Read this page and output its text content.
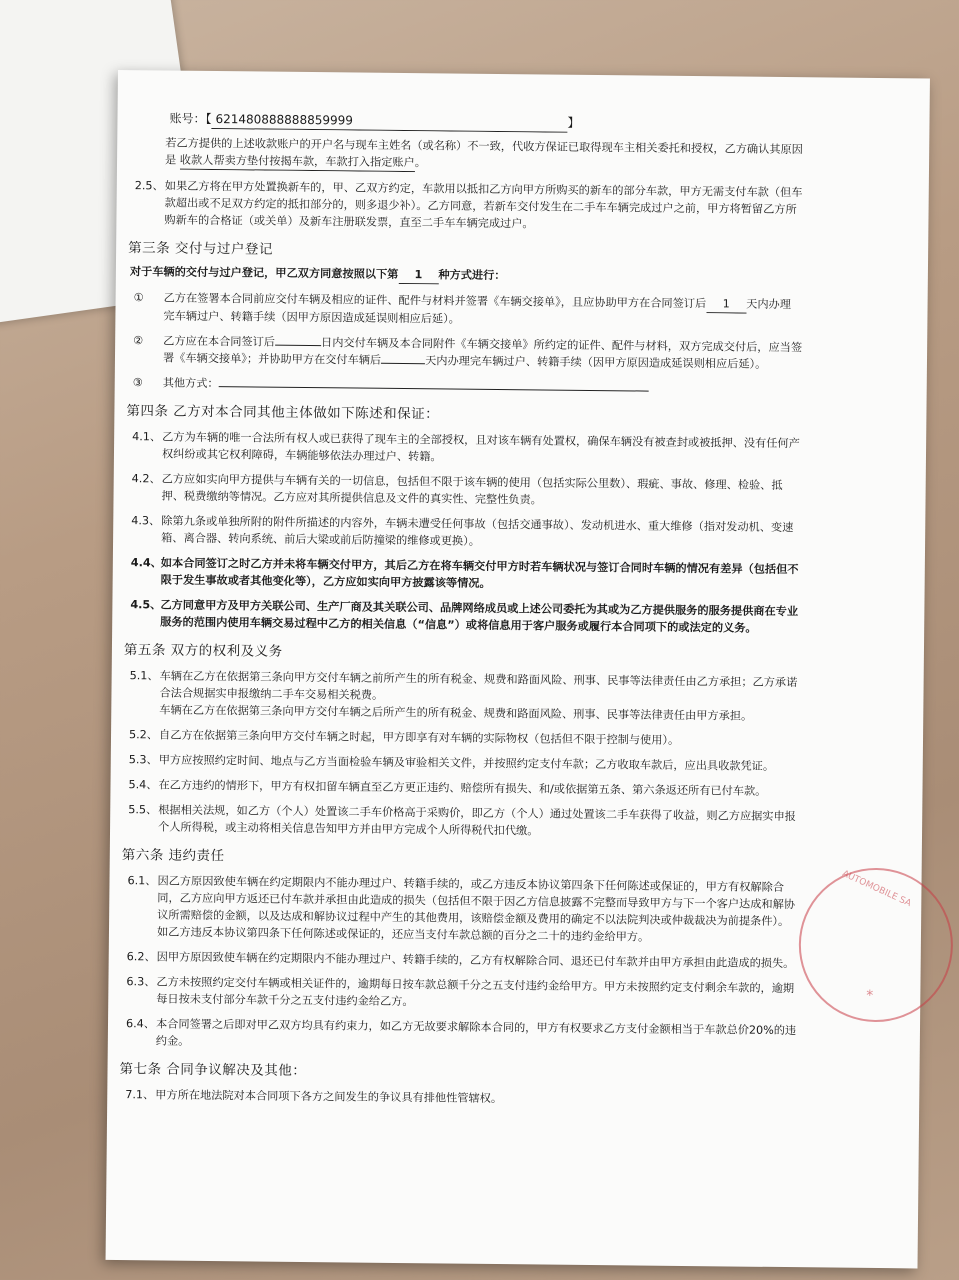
账号：【 621480888888859999	】
若乙方提供的上述收款账户的开户名与现车主姓名（或名称）不一致，代收方保证已取得现车主相关委托和授权，乙方确认其原因
是 收款人帮卖方垫付按揭车款，车款打入指定账户。
2.5、 如果乙方将在甲方处置换新车的，甲、乙双方约定，车款用以抵扣乙方向甲方所购买的新车的部分车款，甲方无需支付车款（但车
款超出或不足双方约定的抵扣部分的，则多退少补）。乙方同意，若新车交付发生在二手车车辆完成过户之前，甲方将暂留乙方所
购新车的合格证（或关单）及新车注册联发票，直至二手车车辆完成过户。
第三条 交付与过户登记
对于车辆的交付与过户登记，甲乙双方同意按照以下第 1 种方式进行：
①	乙方在签署本合同前应交付车辆及相应的证件、配件与材料并签署《车辆交接单》，且应协助甲方在合同签订后 1 天内办理
完车辆过户、转籍手续（因甲方原因造成延误则相应后延）。
②	乙方应在本合同签订后	日内交付车辆及本合同附件《车辆交接单》所约定的证件、配件与材料，双方完成交付后，应当签
署《车辆交接单》；并协助甲方在交付车辆后	天内办理完车辆过户、转籍手续（因甲方原因造成延误则相应后延）。
③	其他方式：
第四条 乙方对本合同其他主体做如下陈述和保证：
4.1、 乙方为车辆的唯一合法所有权人或已获得了现车主的全部授权，且对该车辆有处置权，确保车辆没有被查封或被抵押、没有任何产
权纠纷或其它权利障碍，车辆能够依法办理过户、转籍。
4.2、 乙方应如实向甲方提供与车辆有关的一切信息，包括但不限于该车辆的使用（包括实际公里数）、瑕疵、事故、修理、检验、抵
押、税费缴纳等情况。乙方应对其所提供信息及文件的真实性、完整性负责。
4.3、 除第九条或单独所附的附件所描述的内容外，车辆未遭受任何事故（包括交通事故）、发动机进水、重大维修（指对发动机、变速
箱、离合器、转向系统、前后大梁或前后防撞梁的维修或更换）。
4.4、
如本合同签订之时乙方并未将车辆交付甲方，其后乙方在将车辆交付甲方时若车辆状况与签订合同时车辆的情况有差异（包括但不
限于发生事故或者其他变化等），乙方应如实向甲方披露该等情况。
4.5、
乙方同意甲方及甲方关联公司、生产厂商及其关联公司、品牌网络成员或上述公司委托为其或为乙方提供服务的服务提供商在专业
服务的范围内使用车辆交易过程中乙方的相关信息（“信息”）或将信息用于客户服务或履行本合同项下的或法定的义务。
第五条 双方的权利及义务
5.1、 车辆在乙方在依据第三条向甲方交付车辆之前所产生的所有税金、规费和路面风险、刑事、民事等法律责任由乙方承担；乙方承诺
合法合规据实申报缴纳二手车交易相关税费。
车辆在乙方在依据第三条向甲方交付车辆之后所产生的所有税金、规费和路面风险、刑事、民事等法律责任由甲方承担。
5.2、 自乙方在依据第三条向甲方交付车辆之时起，甲方即享有对车辆的实际物权（包括但不限于控制与使用）。
5.3、 甲方应按照约定时间、地点与乙方当面检验车辆及审验相关文件，并按照约定支付车款；乙方收取车款后，应出具收款凭证。
5.4、 在乙方违约的情形下，甲方有权扣留车辆直至乙方更正违约、赔偿所有损失、和/或依据第五条、第六条返还所有已付车款。
5.5、 根据相关法规，如乙方（个人）处置该二手车价格高于采购价，即乙方（个人）通过处置该二手车获得了收益，则乙方应据实申报
个人所得税，或主动将相关信息告知甲方并由甲方完成个人所得税代扣代缴。
第六条 违约责任
6.1、 因乙方原因致使车辆在约定期限内不能办理过户、转籍手续的，或乙方违反本协议第四条下任何陈述或保证的，甲方有权解除合
同，乙方应向甲方返还已付车款并承担由此造成的损失（包括但不限于因乙方信息披露不完整而导致甲方与下一个客户达成和解协
议所需赔偿的金额，以及达成和解协议过程中产生的其他费用，该赔偿金额及费用的确定不以法院判决或仲裁裁决为前提条件）。
如乙方违反本协议第四条下任何陈述或保证的，还应当支付车款总额的百分之二十的违约金给甲方。
6.2、 因甲方原因致使车辆在约定期限内不能办理过户、转籍手续的，乙方有权解除合同、退还已付车款并由甲方承担由此造成的损失。
6.3、 乙方未按照约定交付车辆或相关证件的，逾期每日按车款总额千分之五支付违约金给甲方。甲方未按照约定支付剩余车款的，逾期
每日按未支付部分车款千分之五支付违约金给乙方。
6.4、 本合同签署之后即对甲乙双方均具有约束力，如乙方无故要求解除本合同的，甲方有权要求乙方支付金额相当于车款总价20%的违
约金。
第七条 合同争议解决及其他：
7.1、 甲方所在地法院对本合同项下各方之间发生的争议具有排他性管辖权。
AUTOMOBILE SA
*
